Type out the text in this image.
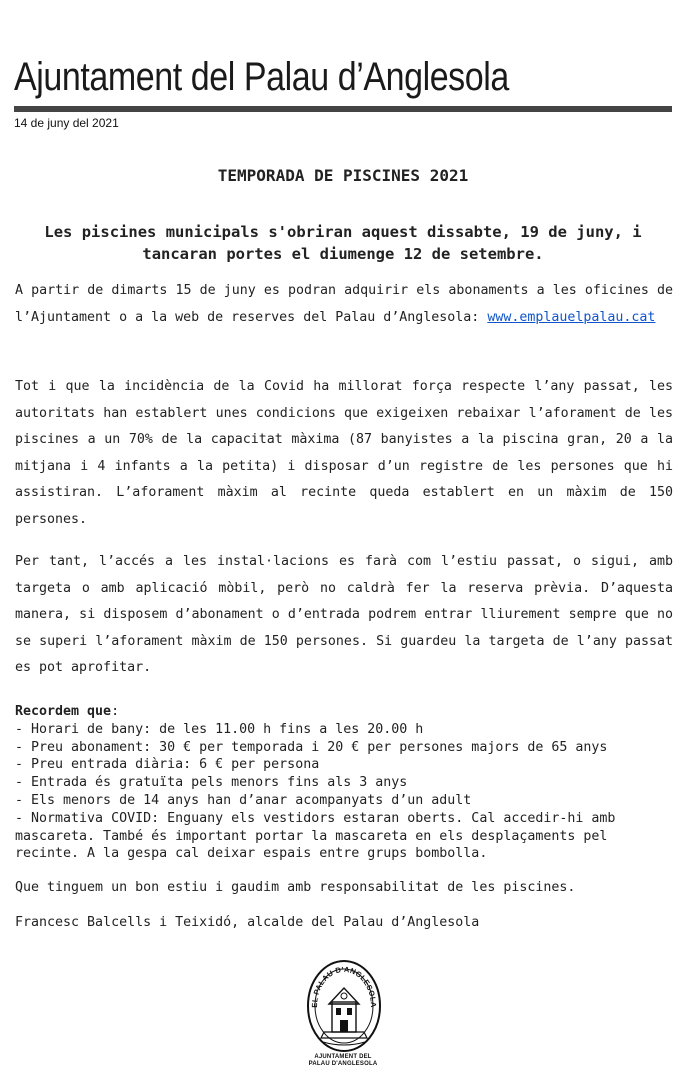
Ajuntament del Palau d’Anglesola
14 de juny del 2021
TEMPORADA DE PISCINES 2021
Les piscines municipals s'obriran aquest dissabte, 19 de juny, i tancaran portes el diumenge 12 de setembre.

A partir de dimarts 15 de juny es podran adquirir els abonaments a les oficines de l’Ajuntament o a la web de reserves del Palau d’Anglesola: www.emplauelpalau.cat

Tot i que la incidència de la Covid ha millorat força respecte l’any passat, les autoritats han establert unes condicions que exigeixen rebaixar l’aforament de les piscines a un 70% de la capacitat màxima (87 banyistes a la piscina gran, 20 a la mitjana i 4 infants a la petita) i disposar d’un registre de les persones que hi assistiran. L’aforament màxim al recinte queda establert en un màxim de 150 persones.

Per tant, l’accés a les instal·lacions es farà com l’estiu passat, o sigui, amb targeta o amb aplicació mòbil, però no caldrà fer la reserva prèvia. D’aquesta manera, si disposem d’abonament o d’entrada podrem entrar lliurement sempre que no se superi l’aforament màxim de 150 persones. Si guardeu la targeta de l’any passat es pot aprofitar.

Recordem que:
- Horari de bany: de les 11.00 h fins a les 20.00 h
- Preu abonament: 30 € per temporada i 20 € per persones majors de 65 anys
- Preu entrada diària: 6 € per persona
- Entrada és gratuïta pels menors fins als 3 anys
- Els menors de 14 anys han d’anar acompanyats d’un adult
- Normativa COVID: Enguany els vestidors estaran oberts. Cal accedir-hi amb mascareta. També és important portar la mascareta en els desplaçaments pel recinte. A la gespa cal deixar espais entre grups bombolla.
Que tinguem un bon estiu i gaudim amb responsabilitat de les piscines.
Francesc Balcells i Teixidó, alcalde del Palau d’Anglesola
EL PALAU D'ANGLESOLA
AJUNTAMENT DEL
PALAU D'ANGLESOLA
